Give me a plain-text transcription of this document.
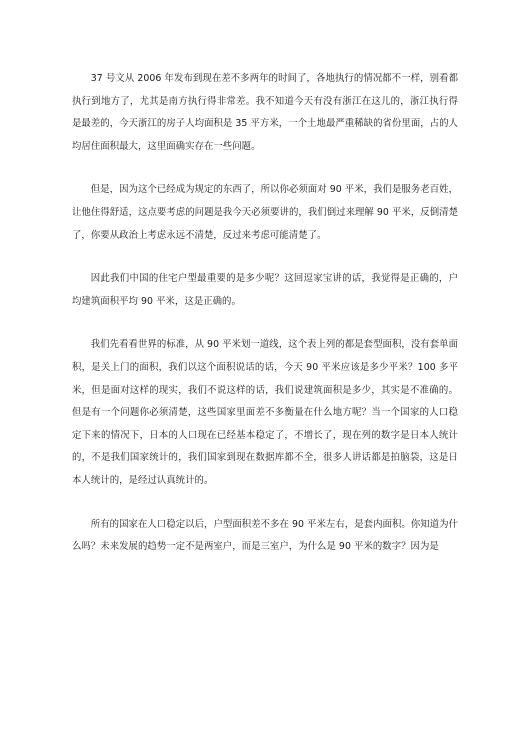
37 号文从 2006 年发布到现在差不多两年的时间了，各地执行的情况都不一样，别看都执行到地方了，尤其是南方执行得非常差。我不知道今天有没有浙江在这儿的，浙江执行得是最差的，今天浙江的房子人均面积是 35 平方米，一个土地最严重稀缺的省份里面，占的人均居住面积最大，这里面确实存在一些问题。

但是，因为这个已经成为规定的东西了，所以你必须面对 90 平米，我们是服务老百姓，让他住得舒适，这点要考虑的问题是我今天必须要讲的，我们倒过来理解 90 平米，反倒清楚了，你要从政治上考虑永远不清楚，反过来考虑可能清楚了。

因此我们中国的住宅户型最重要的是多少呢？这回逗家宝讲的话，我觉得是正确的，户均建筑面积平均 90 平米，这是正确的。

我们先看看世界的标准，从 90 平米划一道线，这个表上列的都是套型面积，没有套单面积，是关上门的面积，我们以这个面积说话的话，今天 90 平米应该是多少平米？100 多平米，但是面对这样的现实，我们不说这样的话，我们说建筑面积是多少，其实是不准确的。但是有一个问题你必须清楚，这些国家里面差不多衡量在什么地方呢？当一个国家的人口稳定下来的情况下，日本的人口现在已经基本稳定了，不增长了，现在列的数字是日本人统计的，不是我们国家统计的，我们国家到现在数据库都不全，很多人讲话都是拍脑袋，这是日本人统计的，是经过认真统计的。

所有的国家在人口稳定以后，户型面积差不多在 90 平米左右，是套内面积。你知道为什么吗？未来发展的趋势一定不是两室户，而是三室户，为什么是 90 平米的数字？因为是
